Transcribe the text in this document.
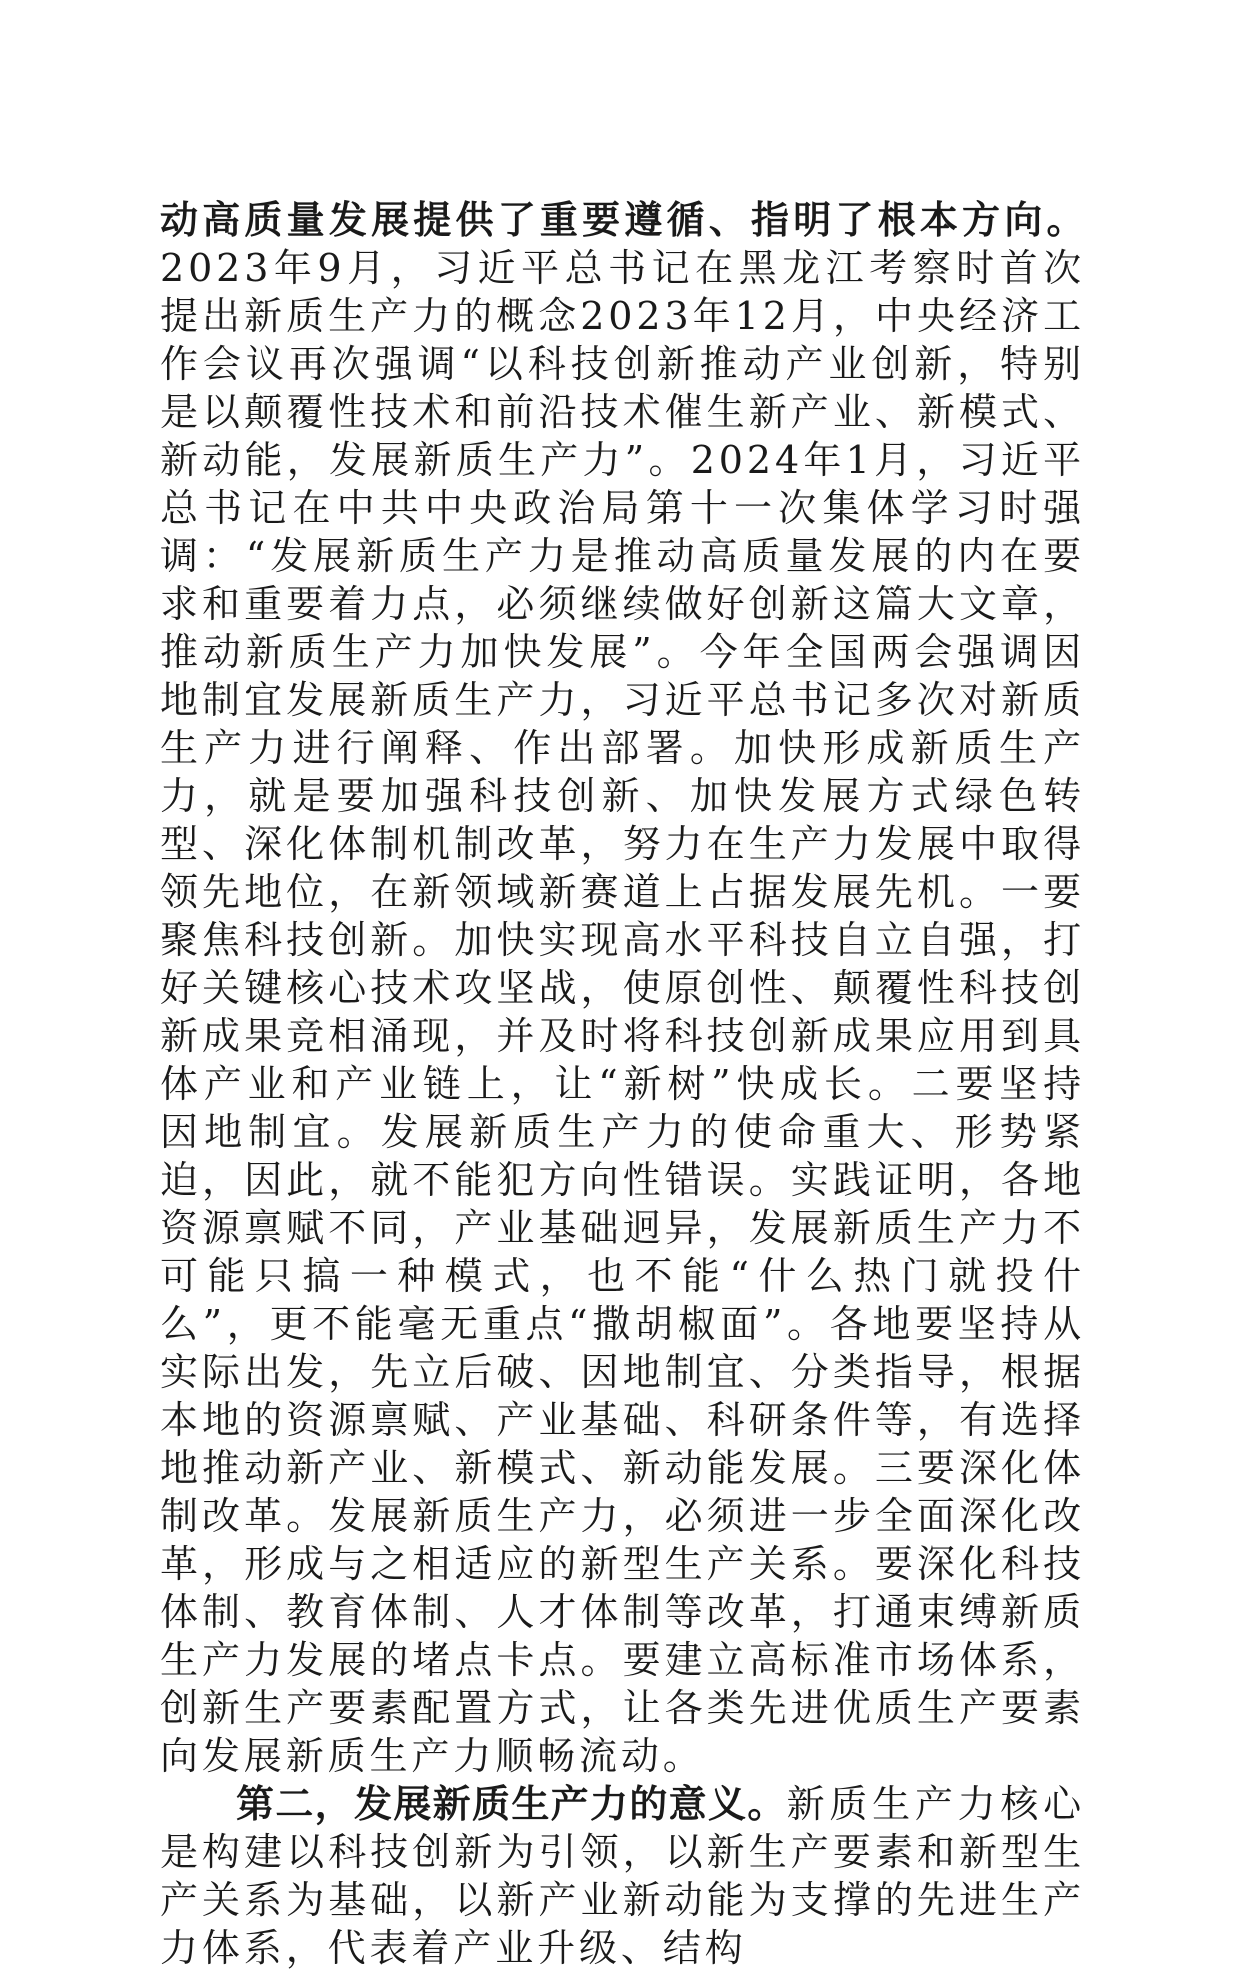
动高质量发展提供了重要遵循、指明了根本方向。2023年9月，习近平总书记在黑龙江考察时首次提出新质生产力的概念2023年12月，中央经济工作会议再次强调“以科技创新推动产业创新，特别是以颠覆性技术和前沿技术催生新产业、新模式、新动能，发展新质生产力”。2024年1月，习近平总书记在中共中央政治局第十一次集体学习时强调：“发展新质生产力是推动高质量发展的内在要求和重要着力点，必须继续做好创新这篇大文章，推动新质生产力加快发展”。今年全国两会强调因地制宜发展新质生产力，习近平总书记多次对新质生产力进行阐释、作出部署。加快形成新质生产力，就是要加强科技创新、加快发展方式绿色转型、深化体制机制改革，努力在生产力发展中取得领先地位，在新领域新赛道上占据发展先机。一要聚焦科技创新。加快实现高水平科技自立自强，打好关键核心技术攻坚战，使原创性、颠覆性科技创新成果竞相涌现，并及时将科技创新成果应用到具体产业和产业链上，让“新树”快成长。二要坚持因地制宜。发展新质生产力的使命重大、形势紧迫，因此，就不能犯方向性错误。实践证明，各地资源禀赋不同，产业基础迥异，发展新质生产力不可能只搞一种模式，也不能“什么热门就投什么”，更不能毫无重点“撒胡椒面”。各地要坚持从实际出发，先立后破、因地制宜、分类指导，根据本地的资源禀赋、产业基础、科研条件等，有选择地推动新产业、新模式、新动能发展。三要深化体制改革。发展新质生产力，必须进一步全面深化改革，形成与之相适应的新型生产关系。要深化科技体制、教育体制、人才体制等改革，打通束缚新质生产力发展的堵点卡点。要建立高标准市场体系，创新生产要素配置方式，让各类先进优质生产要素向发展新质生产力顺畅流动。

第二，发展新质生产力的意义。新质生产力核心是构建以科技创新为引领，以新生产要素和新型生产关系为基础，以新产业新动能为支撑的先进生产力体系，代表着产业升级、结构
